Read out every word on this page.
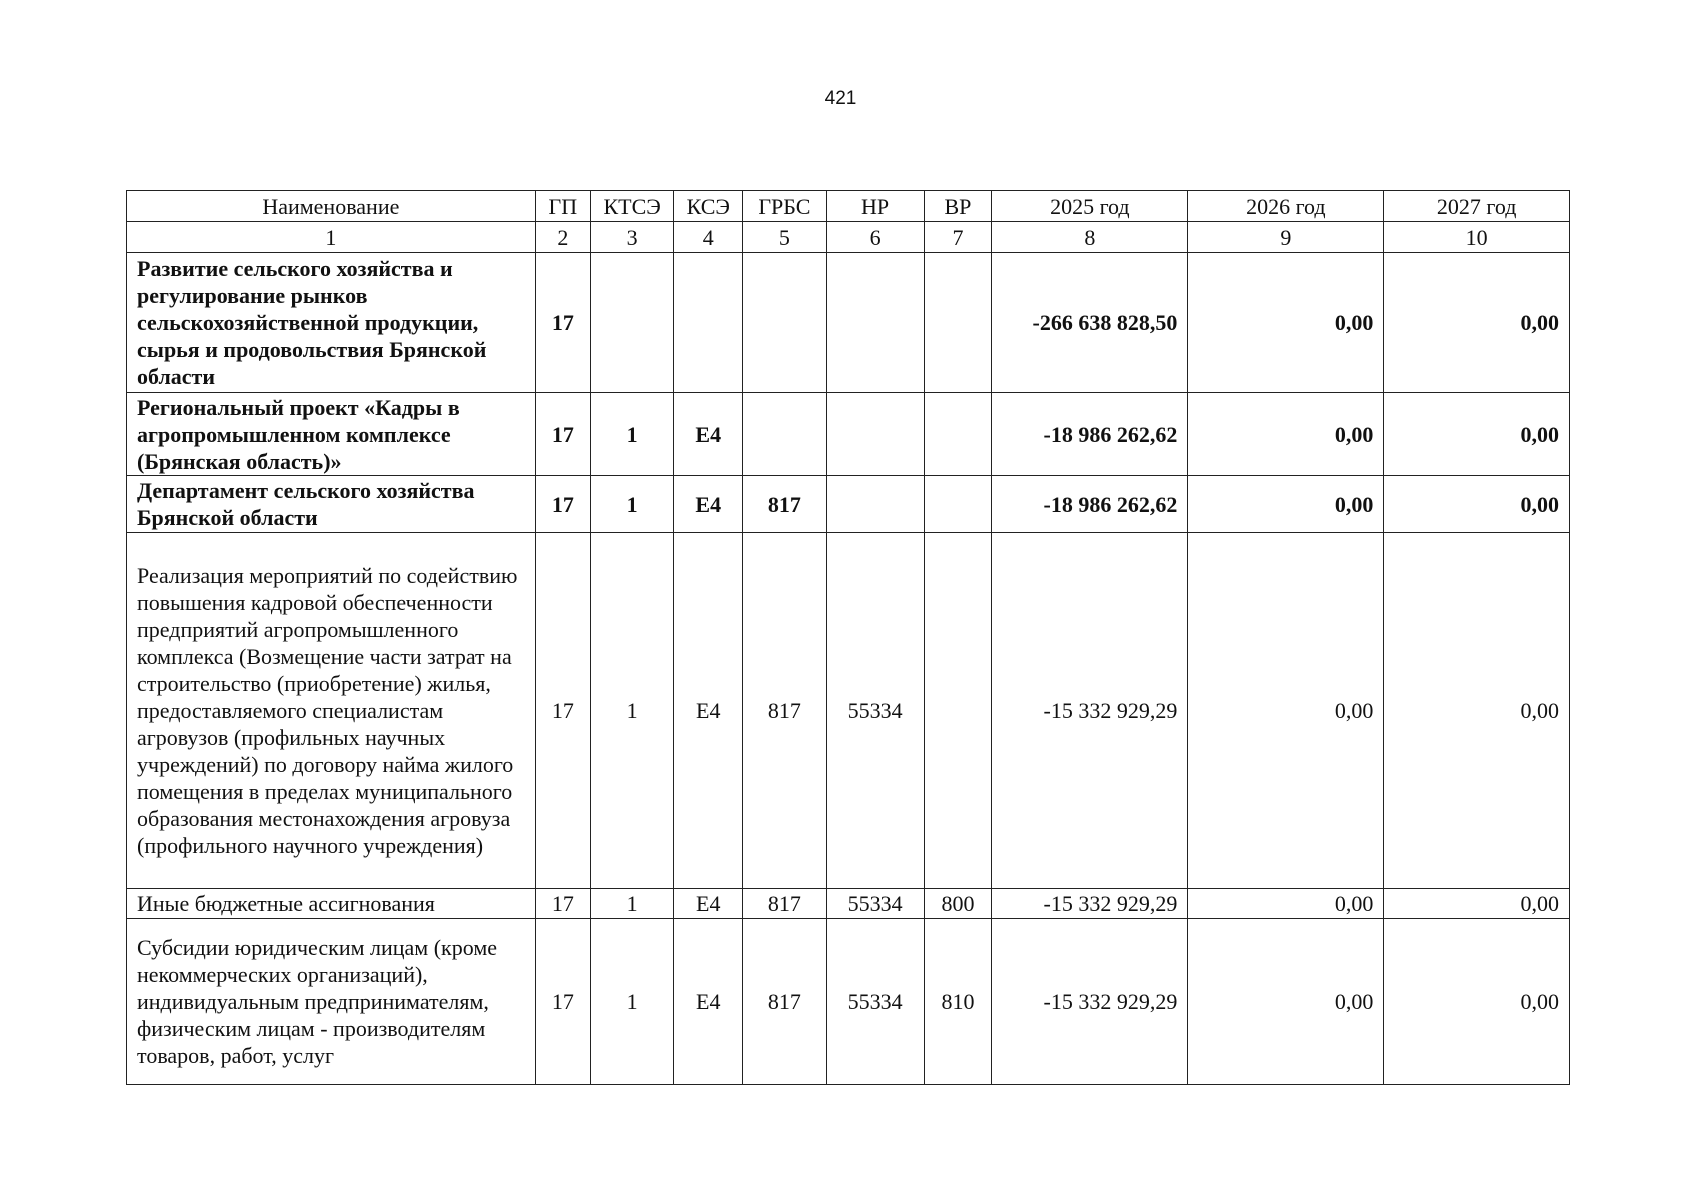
421
Наименование	ГП	КТСЭ	КСЭ	ГРБС	НР	ВР	2025 год	2026 год	2027 год
1	2	3	4	5	6	7	8	9	10
Развитие сельского хозяйства и регулирование рынков сельскохозяйственной продукции, сырья и продовольствия Брянской области	17						-266 638 828,50	0,00	0,00
Региональный проект «Кадры в агропромышленном комплексе (Брянская область)»	17	1	Е4				-18 986 262,62	0,00	0,00
Департамент сельского хозяйства Брянской области	17	1	Е4	817			-18 986 262,62	0,00	0,00
Реализация мероприятий по содействию повышения кадровой обеспеченности предприятий агропромышленного комплекса (Возмещение части затрат на строительство (приобретение) жилья, предоставляемого специалистам агровузов (профильных научных учреждений) по договору найма жилого помещения в пределах муниципального образования местонахождения агровуза (профильного научного учреждения)	17	1	Е4	817	55334		-15 332 929,29	0,00	0,00
Иные бюджетные ассигнования	17	1	Е4	817	55334	800	-15 332 929,29	0,00	0,00
Субсидии юридическим лицам (кроме некоммерческих организаций), индивидуальным предпринимателям, физическим лицам - производителям товаров, работ, услуг	17	1	Е4	817	55334	810	-15 332 929,29	0,00	0,00
